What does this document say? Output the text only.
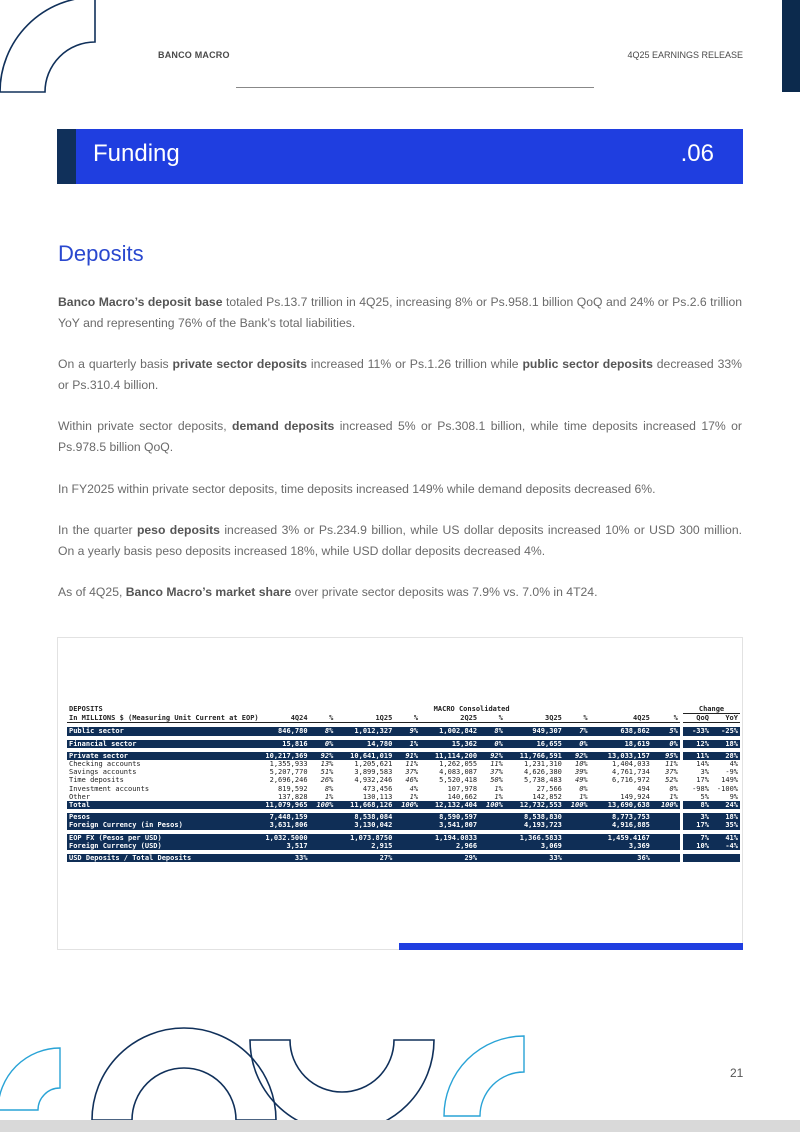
BANCO MACRO	4Q25 EARNINGS RELEASE
Funding	.06
Deposits
Banco Macro’s deposit base totaled Ps.13.7 trillion in 4Q25, increasing 8% or Ps.958.1 billion QoQ and 24% or Ps.2.6 trillion YoY and representing 76% of the Bank’s total liabilities.
On a quarterly basis private sector deposits increased 11% or Ps.1.26 trillion while public sector deposits decreased 33% or Ps.310.4 billion.
Within private sector deposits, demand deposits increased 5% or Ps.308.1 billion, while time deposits increased 17% or Ps.978.5 billion QoQ.
In FY2025 within private sector deposits, time deposits increased 149% while demand deposits decreased 6%.
In the quarter peso deposits increased 3% or Ps.234.9 billion, while US dollar deposits increased 10% or USD 300 million. On a yearly basis peso deposits increased 18%, while USD dollar deposits decreased 4%.
As of 4Q25, Banco Macro’s market share over private sector deposits was 7.9% vs. 7.0% in 4T24.
DEPOSITS	MACRO Consolidated											Change	
In MILLIONS $ (Measuring Unit Current at EOP)	4Q24	%	1Q25	%	2Q25	%	3Q25	%	4Q25	%		QoQ	YoY

Public sector	846,780	8%	1,012,327	9%	1,002,842	8%	949,307	7%	638,862	5%		-33%	-25%

Financial sector	15,816	0%	14,780	1%	15,362	0%	16,655	0%	18,619	0%		12%	18%

Private sector	10,217,369	92%	10,641,019	91%	11,114,200	92%	11,766,591	92%	13,033,157	95%		11%	28%
Checking accounts	1,355,933	13%	1,205,621	11%	1,262,055	11%	1,231,310	10%	1,404,033	11%		14%	4%
Savings accounts	5,207,770	51%	3,899,583	37%	4,083,087	37%	4,626,380	39%	4,761,734	37%		3%	-9%
Time deposits	2,696,246	26%	4,932,246	46%	5,520,418	50%	5,738,483	49%	6,716,972	52%		17%	149%
Investment accounts	819,592	8%	473,456	4%	107,978	1%	27,566	0%	494	0%		-98%	-100%
Other	137,828	1%	130,113	1%	140,662	1%	142,852	1%	149,924	1%		5%	9%
Total	11,079,965	100%	11,668,126	100%	12,132,404	100%	12,732,553	100%	13,690,638	100%		8%	24%

Pesos	7,448,159		8,538,084		8,590,597		8,538,830		8,773,753			3%	18%
Foreign Currency (in Pesos)	3,631,806		3,130,042		3,541,807		4,193,723		4,916,885			17%	35%

EOP FX (Pesos per USD)	1,032.5000		1,073.8750		1,194.0833		1,366.5833		1,459.4167			7%	41%
Foreign Currency (USD)	3,517		2,915		2,966		3,069		3,369			10%	-4%

USD Deposits / Total Deposits	33%		27%		29%		33%		36%				
21
